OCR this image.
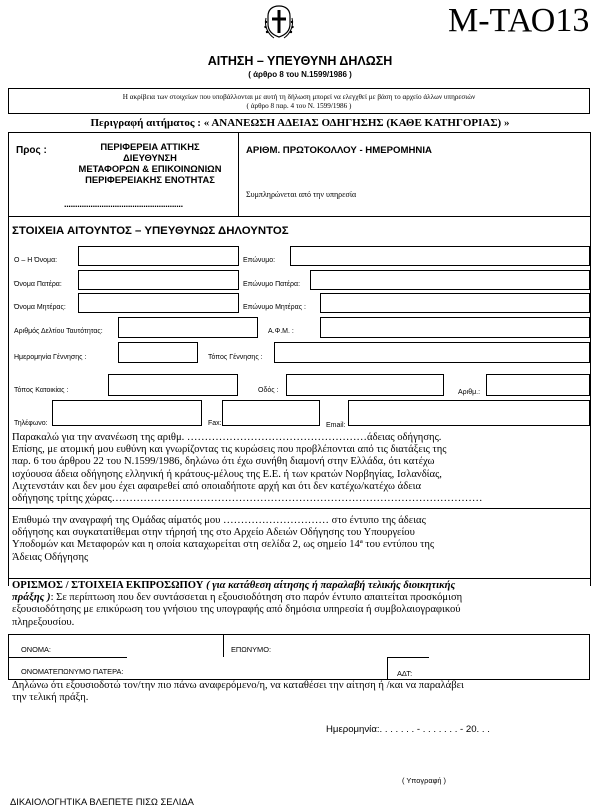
Μ-ΤΑΟ13
ΑΙΤΗΣΗ – ΥΠΕΥΘΥΝΗ ΔΗΛΩΣΗ
( άρθρο 8 του Ν.1599/1986 )
Η ακρίβεια των στοιχείων που υποβάλλονται με αυτή τη δήλωση μπορεί να ελεγχθεί με βάση το αρχείο άλλων υπηρεσιών
( άρθρο 8 παρ. 4 του Ν. 1599/1986 )
Περιγραφή αιτήματος : « ΑΝΑΝΕΩΣΗ ΑΔΕΙΑΣ ΟΔΗΓΗΣΗΣ (ΚΑΘΕ ΚΑΤΗΓΟΡΙΑΣ) »
Προς :	ΠΕΡΙΦΕΡΕΙΑ ΑΤΤΙΚΗΣ
ΔΙΕΥΘΥΝΣΗ
ΜΕΤΑΦΟΡΩΝ & ΕΠΙΚΟΙΝΩΝΙΩΝ
ΠΕΡΙΦΕΡΕΙΑΚΗΣ ΕΝΟΤΗΤΑΣ
......................................................
ΑΡΙΘΜ. ΠΡΩΤΟΚΟΛΛΟΥ - ΗΜΕΡΟΜΗΝΙΑ
Συμπληρώνεται από την υπηρεσία
ΣΤΟΙΧΕΙΑ ΑΙΤΟΥΝΤΟΣ – ΥΠΕΥΘΥΝΩΣ ΔΗΛΟΥΝΤΟΣ
Ο – Η Όνομα:	Επώνυμο:
Όνομα Πατέρα:	Επώνυμο Πατέρα:
Όνομα Μητέρας:	Επώνυμο Μητέρας :
Αριθμός Δελτίου Ταυτότητας:	Α.Φ.Μ. :
Ημερομηνία Γέννησης :	Τόπος Γέννησης :
Τόπος Κατοικίας :	Οδός :	Αριθμ.:
Τηλέφωνο:	Fax:	Email:
Παρακαλώ για την ανανέωση της αριθμ. ……………………………………………άδειας οδήγησης.
Επίσης, με ατομική μου ευθύνη και γνωρίζοντας τις κυρώσεις που προβλέπονται από τις διατάξεις της
παρ. 6 του άρθρου 22 του Ν.1599/1986, δηλώνω ότι έχω συνήθη διαμονή στην Ελλάδα, ότι κατέχω
ισχύουσα άδεια οδήγησης ελληνική ή κράτους-μέλους της Ε.Ε. ή των κρατών Νορβηγίας, Ισλανδίας,
Λιχτενστάιν και δεν μου έχει αφαιρεθεί από οποιαδήποτε αρχή και ότι δεν κατέχω/κατέχω άδεια
οδήγησης τρίτης χώρας……………………………………………………………………………………………
Επιθυμώ την αναγραφή της Ομάδας αίματός μου ………………………… στο έντυπο της άδειας
οδήγησης και συγκατατίθεμαι στην τήρησή της στο Αρχείο Αδειών Οδήγησης του Υπουργείου
Υποδομών και Μεταφορών και η οποία καταχωρείται στη σελίδα 2, ως σημείο 14ª του εντύπου της
Άδειας Οδήγησης
ΟΡΙΣΜΟΣ / ΣΤΟΙΧΕΙΑ ΕΚΠΡΟΣΩΠΟΥ ( για κατάθεση αίτησης ή παραλαβή τελικής διοικητικής
πράξης ): Σε περίπτωση που δεν συντάσσεται η εξουσιοδότηση στο παρόν έντυπο απαιτείται προσκόμιση
εξουσιοδότησης με επικύρωση του γνήσιου της υπογραφής από δημόσια υπηρεσία ή συμβολαιογραφικού
πληρεξουσίου.
ΟΝΟΜΑ:	ΕΠΩΝΥΜΟ:
ΟΝΟΜΑΤΕΠΩΝΥΜΟ ΠΑΤΕΡΑ:	ΑΔΤ:
Δηλώνω ότι εξουσιοδοτώ τον/την πιο πάνω αναφερόμενο/η, να καταθέσει την αίτηση ή /και να παραλάβει
την τελική πράξη.
Ημερομηνία:. . . . . . . - . . . . . . . - 20. . .
( Υπογραφή )
ΔΙΚΑΙΟΛΟΓΗΤΙΚΑ ΒΛΕΠΕΤΕ ΠΙΣΩ ΣΕΛΙΔΑ
